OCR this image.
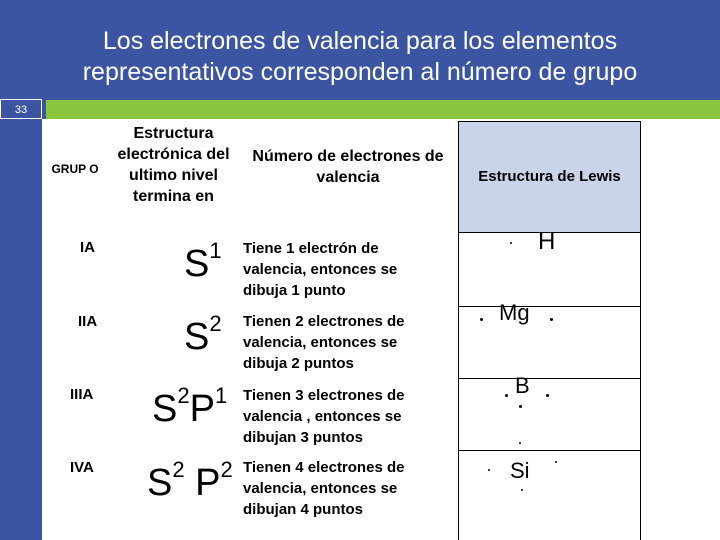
Los electrones de valencia para los elementos
representativos corresponden al número de grupo
33
Estructura de Lewis
GRUP O
Estructura electrónica del ultimo nivel termina en
Número de electrones de valencia
IA $S^1$ Tiene 1 electrón de valencia, entonces se dibuja 1 punto
H
IIA $S^2$ Tienen 2 electrones de valencia, entonces se dibuja 2 puntos
Mg
IIIA $S^2P^1$ Tienen 3 electrones de valencia , entonces se dibujan 3 puntos
B
IVA $S^2$ $P^2$ Tienen 4 electrones de valencia, entonces se dibujan 4 puntos
Si
